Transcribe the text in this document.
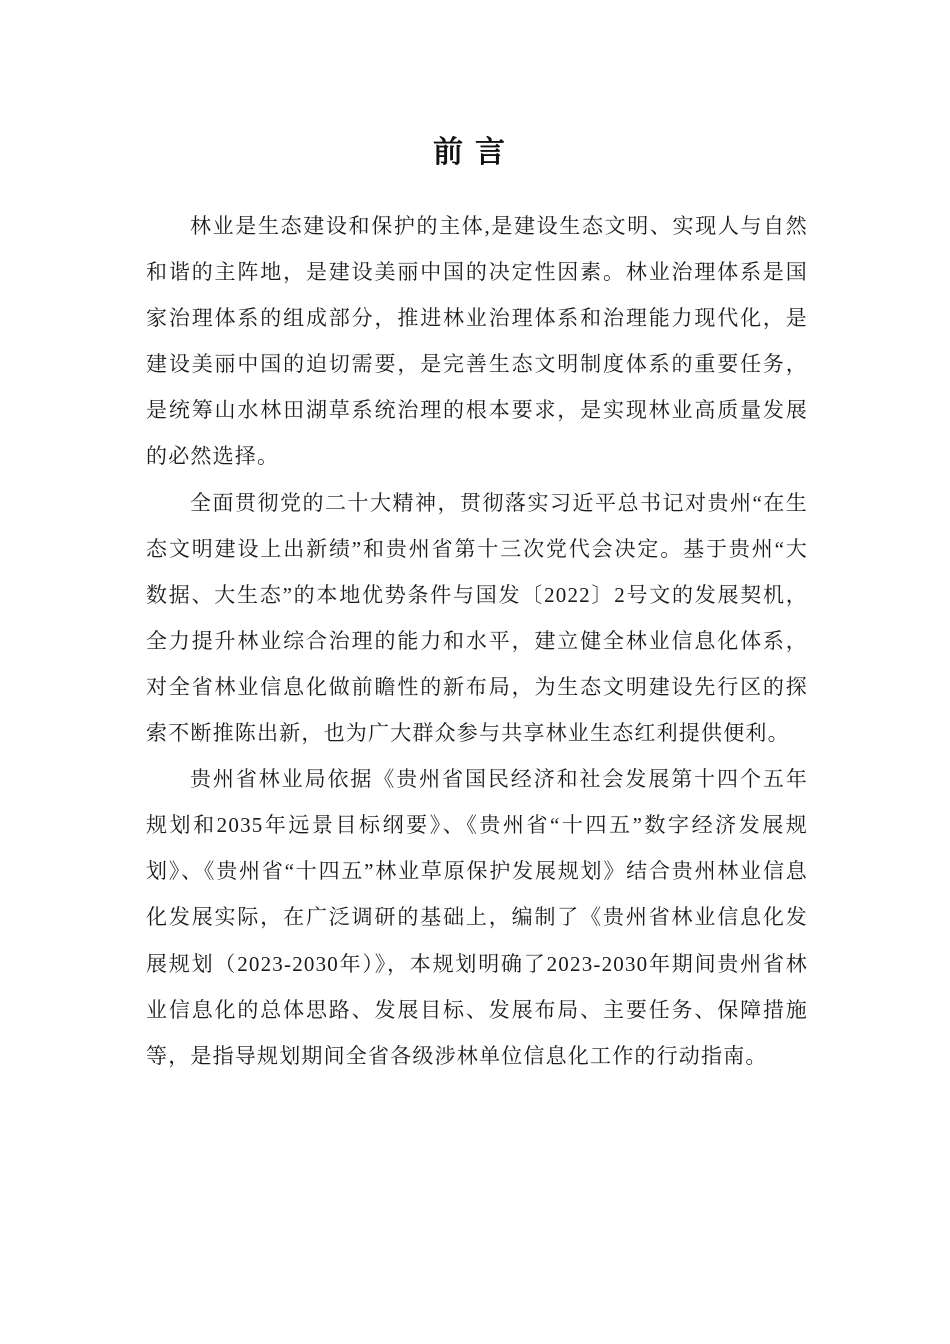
前言

林业是生态建设和保护的主体,是建设生态文明、实现人与自然和谐的主阵地，是建设美丽中国的决定性因素。林业治理体系是国家治理体系的组成部分，推进林业治理体系和治理能力现代化，是建设美丽中国的迫切需要，是完善生态文明制度体系的重要任务，是统筹山水林田湖草系统治理的根本要求，是实现林业高质量发展的必然选择。

全面贯彻党的二十大精神，贯彻落实习近平总书记对贵州“在生态文明建设上出新绩”和贵州省第十三次党代会决定。基于贵州“大数据、大生态”的本地优势条件与国发〔2022〕2号文的发展契机，全力提升林业综合治理的能力和水平，建立健全林业信息化体系，对全省林业信息化做前瞻性的新布局，为生态文明建设先行区的探索不断推陈出新，也为广大群众参与共享林业生态红利提供便利。

贵州省林业局依据《贵州省国民经济和社会发展第十四个五年规划和2035年远景目标纲要》、《贵州省“十四五”数字经济发展规划》、《贵州省“十四五”林业草原保护发展规划》结合贵州林业信息化发展实际，在广泛调研的基础上，编制了《贵州省林业信息化发展规划（2023-2030年）》，本规划明确了2023-2030年期间贵州省林业信息化的总体思路、发展目标、发展布局、主要任务、保障措施等，是指导规划期间全省各级涉林单位信息化工作的行动指南。
